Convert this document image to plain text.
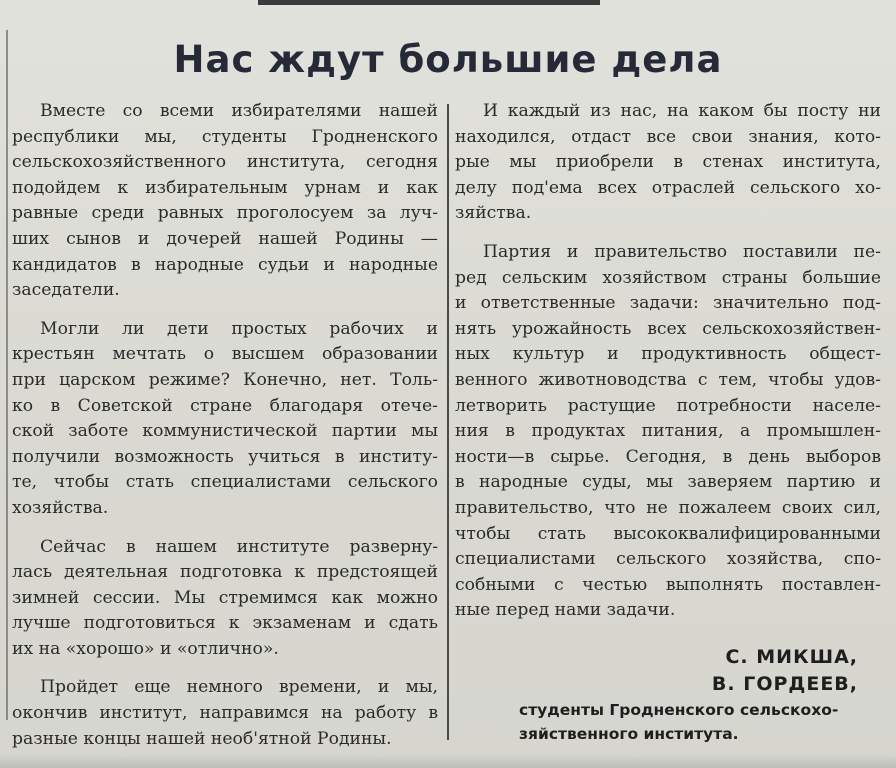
Нас ждут большие дела
Вместе со всеми избирателями нашей
республики мы, студенты Гродненского
сельскохозяйственного института, сегодня
подойдем к избирательным урнам и как
равные среди равных проголосуем за луч-
ших сынов и дочерей нашей Родины —
кандидатов в народные судьи и народные
заседатели.
Могли ли дети простых рабочих и
крестьян мечтать о высшем образовании
при царском режиме? Конечно, нет. Толь-
ко в Советской стране благодаря отече-
ской заботе коммунистической партии мы
получили возможность учиться в институ-
те, чтобы стать специалистами сельского
хозяйства.
Сейчас в нашем институте развернy-
лась деятельная подготовка к предстоящей
зимней сессии. Мы стремимся как можно
лучше подготовиться к экзаменам и сдать
их на «хорошо» и «отлично».
Пройдет еще немного времени, и мы,
окончив институт, направимся на работу в
разные концы нашей необ'ятной Родины.
И каждый из нас, на каком бы посту ни
находился, отдаст все свои знания, кото-
рые мы приобрели в стенах института,
делу под'ема всех отраслей сельского хо-
зяйства.
Партия и правительство поставили пе-
ред сельским хозяйством страны большие
и ответственные задачи: значительно под-
нять урожайность всех сельскохозяйствен-
ных культур и продуктивность общест-
венного животноводства с тем, чтобы удов-
летворить растущие потребности населе-
ния в продуктах питания, а промышлен-
ности—в сырье. Сегодня, в день выборов
в народные суды, мы заверяем партию и
правительство, что не пожалеем своих сил,
чтобы стать высококвалифицированными
специалистами сельского хозяйства, спо-
собными с честью выполнять поставлен-
ные перед нами задачи.
С. МИКША,
В. ГОРДЕЕВ,
студенты Гродненского сельскохо-
зяйственного института.
